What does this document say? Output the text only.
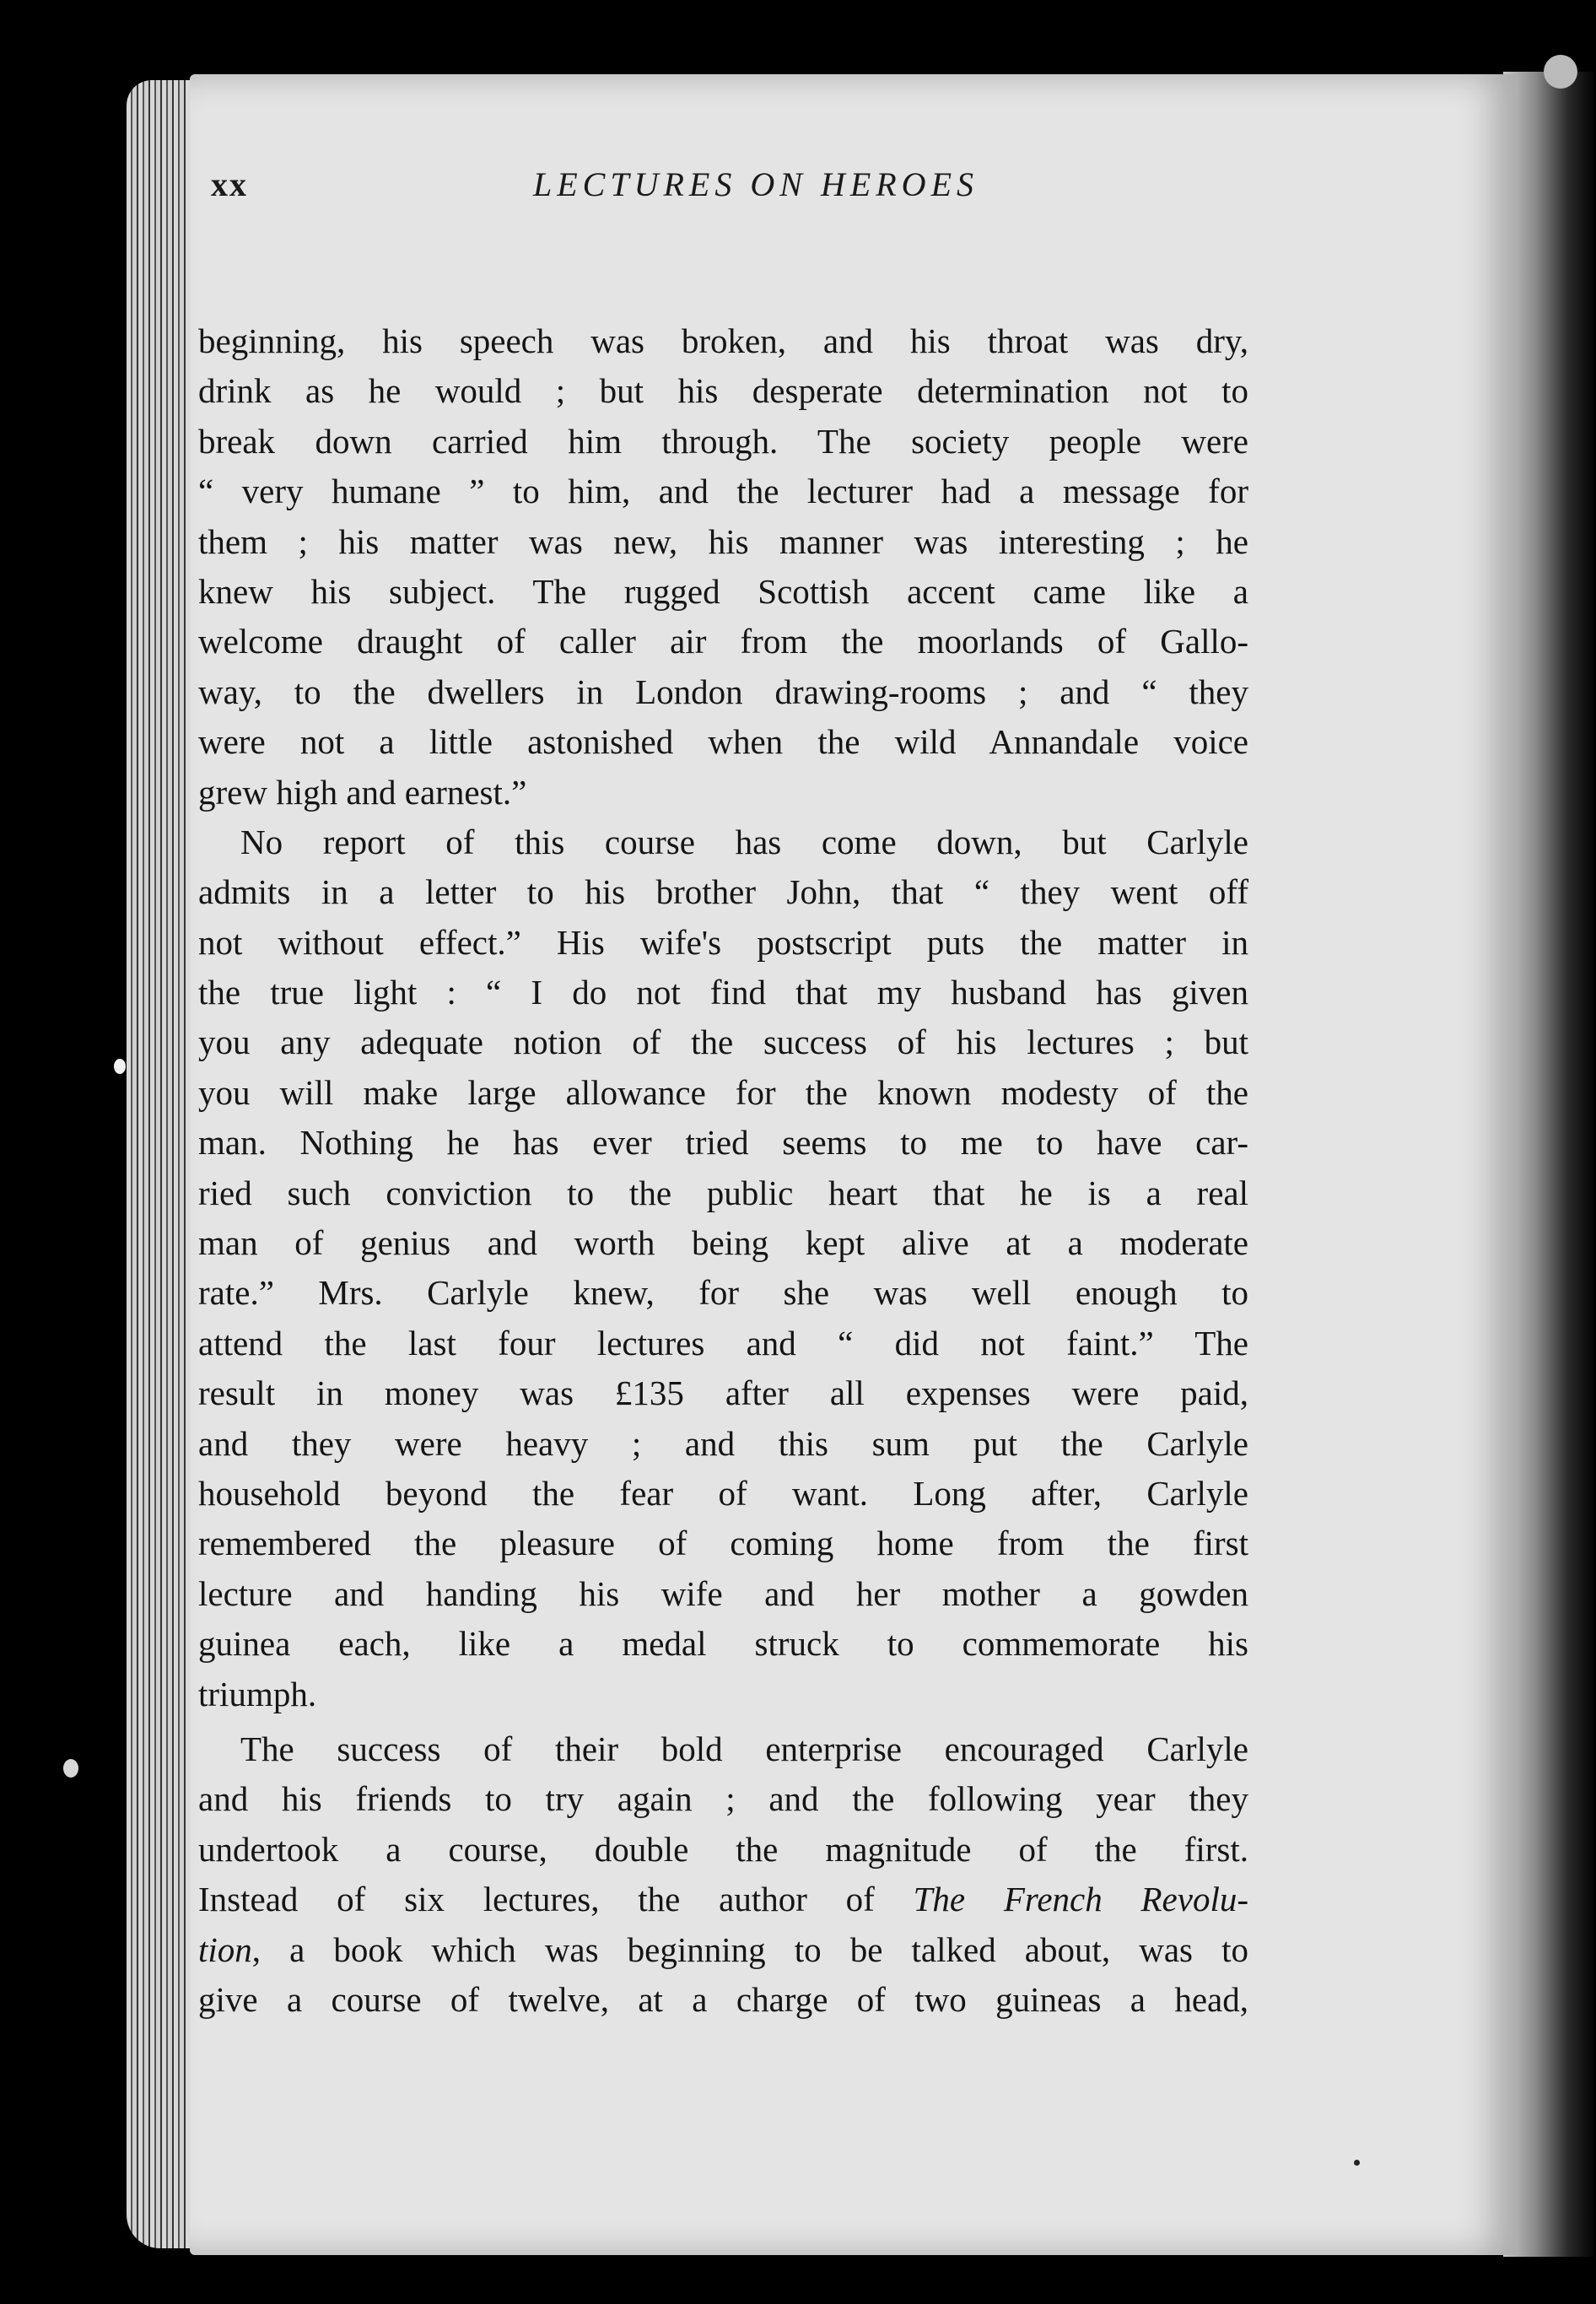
xx	LECTURES ON HEROES
beginning, his speech was broken, and his throat was dry,
drink as he would ; but his desperate determination not to
break down carried him through. The society people were
“ very humane ” to him, and the lecturer had a message for
them ; his matter was new, his manner was interesting ; he
knew his subject. The rugged Scottish accent came like a
welcome draught of caller air from the moorlands of Gallo-
way, to the dwellers in London drawing-rooms ; and “ they
were not a little astonished when the wild Annandale voice
grew high and earnest.”
No report of this course has come down, but Carlyle
admits in a letter to his brother John, that “ they went off
not without effect.” His wife's postscript puts the matter in
the true light : “ I do not find that my husband has given
you any adequate notion of the success of his lectures ; but
you will make large allowance for the known modesty of the
man. Nothing he has ever tried seems to me to have car-
ried such conviction to the public heart that he is a real
man of genius and worth being kept alive at a moderate
rate.” Mrs. Carlyle knew, for she was well enough to
attend the last four lectures and “ did not faint.” The
result in money was £135 after all expenses were paid,
and they were heavy ; and this sum put the Carlyle
household beyond the fear of want. Long after, Carlyle
remembered the pleasure of coming home from the first
lecture and handing his wife and her mother a gowden
guinea each, like a medal struck to commemorate his
triumph.
The success of their bold enterprise encouraged Carlyle
and his friends to try again ; and the following year they
undertook a course, double the magnitude of the first.
Instead of six lectures, the author of The French Revolu-
tion, a book which was beginning to be talked about, was to
give a course of twelve, at a charge of two guineas a head,
